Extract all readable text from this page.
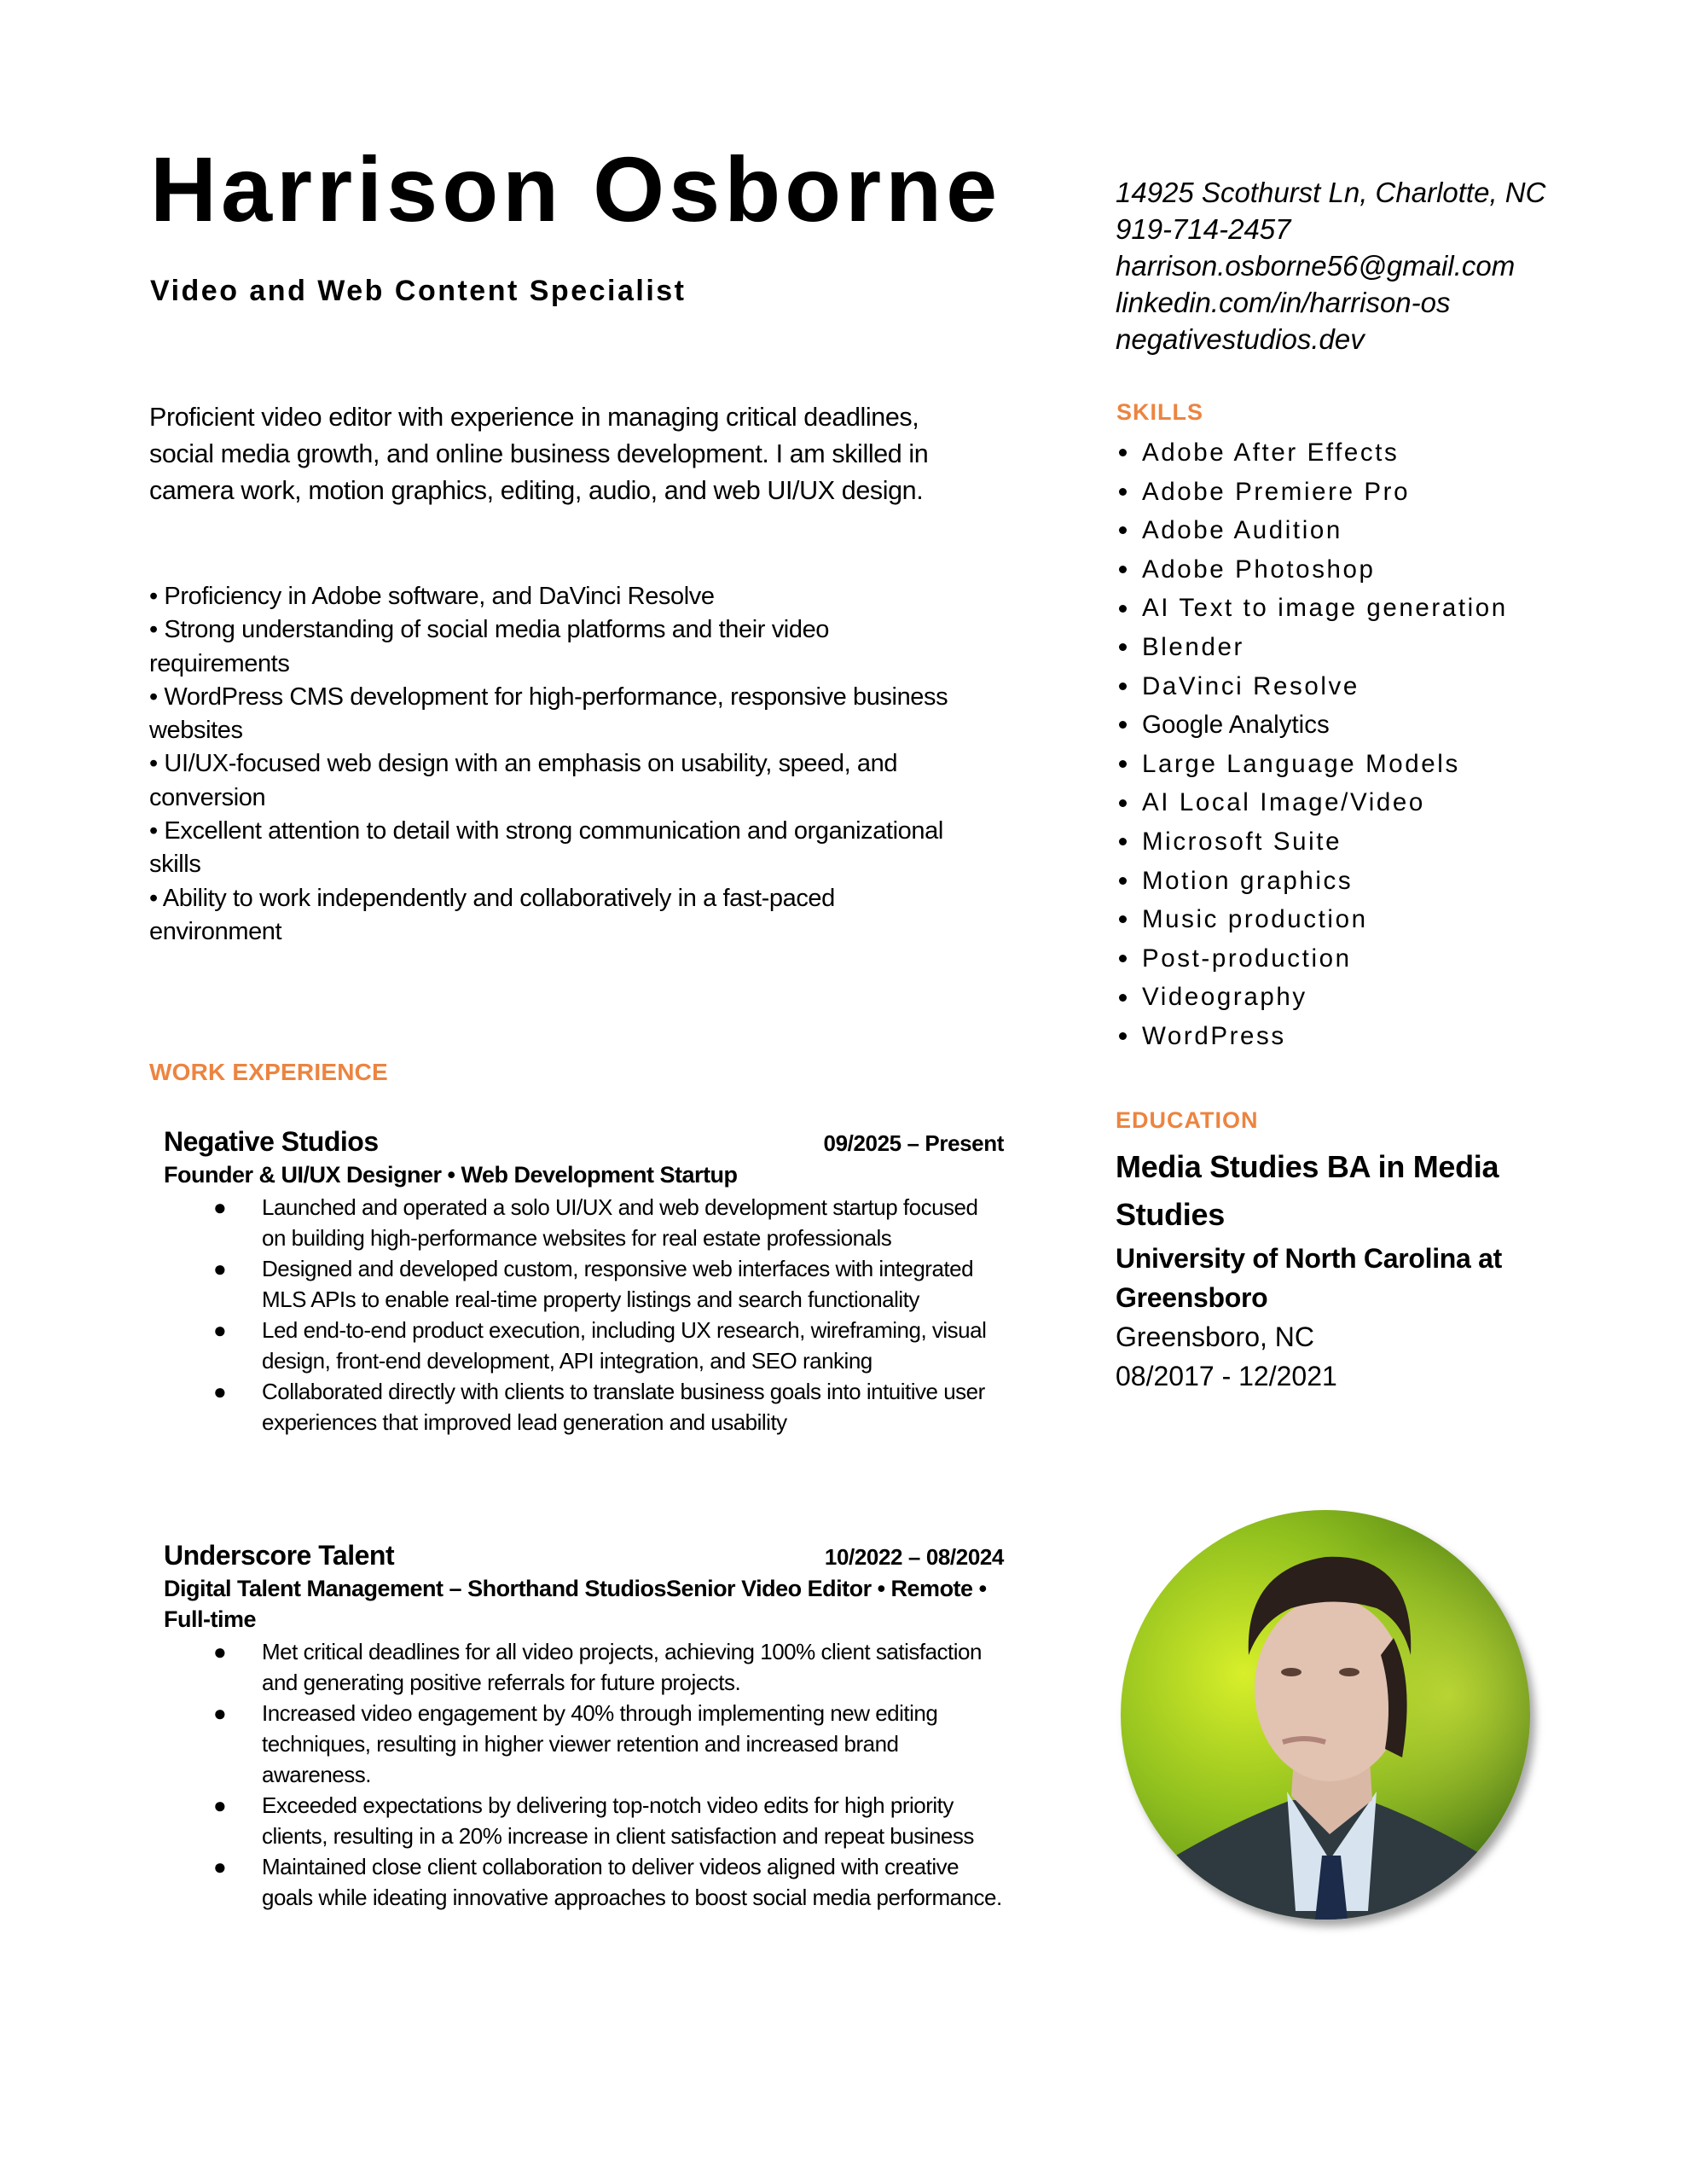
Harrison Osborne
Video and Web Content Specialist
14925 Scothurst Ln, Charlotte, NC
919-714-2457
harrison.osborne56@gmail.com
linkedin.com/in/harrison-os
negativestudios.dev
Proficient video editor with experience in managing critical deadlines, social media growth, and online business development. I am skilled in camera work, motion graphics, editing, audio, and web UI/UX design.
• Proficiency in Adobe software, and DaVinci Resolve
• Strong understanding of social media platforms and their video requirements
• WordPress CMS development for high-performance, responsive business websites
• UI/UX-focused web design with an emphasis on usability, speed, and conversion
• Excellent attention to detail with strong communication and organizational skills
• Ability to work independently and collaboratively in a fast-paced environment
WORK EXPERIENCE
Negative Studios	09/2025 – Present
Founder & UI/UX Designer • Web Development Startup
● Launched and operated a solo UI/UX and web development startup focused on building high-performance websites for real estate professionals
● Designed and developed custom, responsive web interfaces with integrated MLS APIs to enable real-time property listings and search functionality
● Led end-to-end product execution, including UX research, wireframing, visual design, front-end development, API integration, and SEO ranking
● Collaborated directly with clients to translate business goals into intuitive user experiences that improved lead generation and usability
Underscore Talent	10/2022 – 08/2024
Digital Talent Management – Shorthand StudiosSenior Video Editor • Remote • Full-time
● Met critical deadlines for all video projects, achieving 100% client satisfaction and generating positive referrals for future projects.
● Increased video engagement by 40% through implementing new editing techniques, resulting in higher viewer retention and increased brand awareness.
● Exceeded expectations by delivering top-notch video edits for high priority clients, resulting in a 20% increase in client satisfaction and repeat business
● Maintained close client collaboration to deliver videos aligned with creative goals while ideating innovative approaches to boost social media performance.
SKILLS
Adobe After Effects
Adobe Premiere Pro
Adobe Audition
Adobe Photoshop
AI Text to image generation
Blender
DaVinci Resolve
Google Analytics
Large Language Models
AI Local Image/Video
Microsoft Suite
Motion graphics
Music production
Post-production
Videography
WordPress
EDUCATION
Media Studies BA in Media Studies
University of North Carolina at Greensboro
Greensboro, NC
08/2017 - 12/2021
